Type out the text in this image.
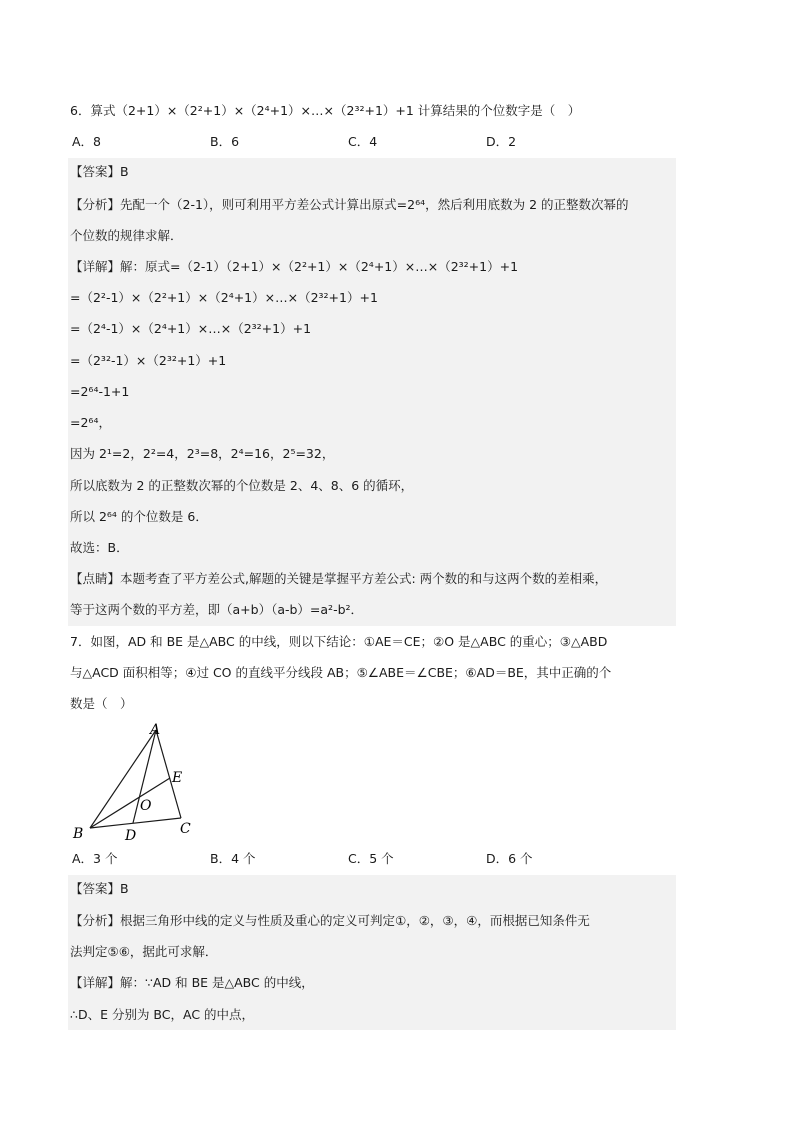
6．算式（2+1）×（2²+1）×（2⁴+1）×…×（2³²+1）+1 计算结果的个位数字是（　）
A．8	B．6	C．4	D．2
【答案】B
【分析】先配一个（2-1），则可利用平方差公式计算出原式=2⁶⁴，然后利用底数为 2 的正整数次幂的
个位数的规律求解．
【详解】解：原式=（2-1）（2+1）×（2²+1）×（2⁴+1）×…×（2³²+1）+1
=（2²-1）×（2²+1）×（2⁴+1）×…×（2³²+1）+1
=（2⁴-1）×（2⁴+1）×…×（2³²+1）+1
=（2³²-1）×（2³²+1）+1
=2⁶⁴-1+1
=2⁶⁴，
因为 2¹=2，2²=4，2³=8，2⁴=16，2⁵=32，
所以底数为 2 的正整数次幂的个位数是 2、4、8、6 的循环，
所以 2⁶⁴ 的个位数是 6．
故选：B．
【点睛】本题考查了平方差公式,解题的关键是掌握平方差公式: 两个数的和与这两个数的差相乘，
等于这两个数的平方差，即（a+b）（a-b）=a²-b²．
7．如图，AD 和 BE 是△ABC 的中线，则以下结论：①AE＝CE；②O 是△ABC 的重心；③△ABD
与△ACD 面积相等；④过 CO 的直线平分线段 AB；⑤∠ABE＝∠CBE；⑥AD＝BE，其中正确的个
数是（　）
A
E
O
B	D	C
A．3 个	B．4 个	C．5 个	D．6 个
【答案】B
【分析】根据三角形中线的定义与性质及重心的定义可判定①，②，③，④，而根据已知条件无
法判定⑤⑥，据此可求解．
【详解】解：∵AD 和 BE 是△ABC 的中线，
∴D、E 分别为 BC，AC 的中点，
